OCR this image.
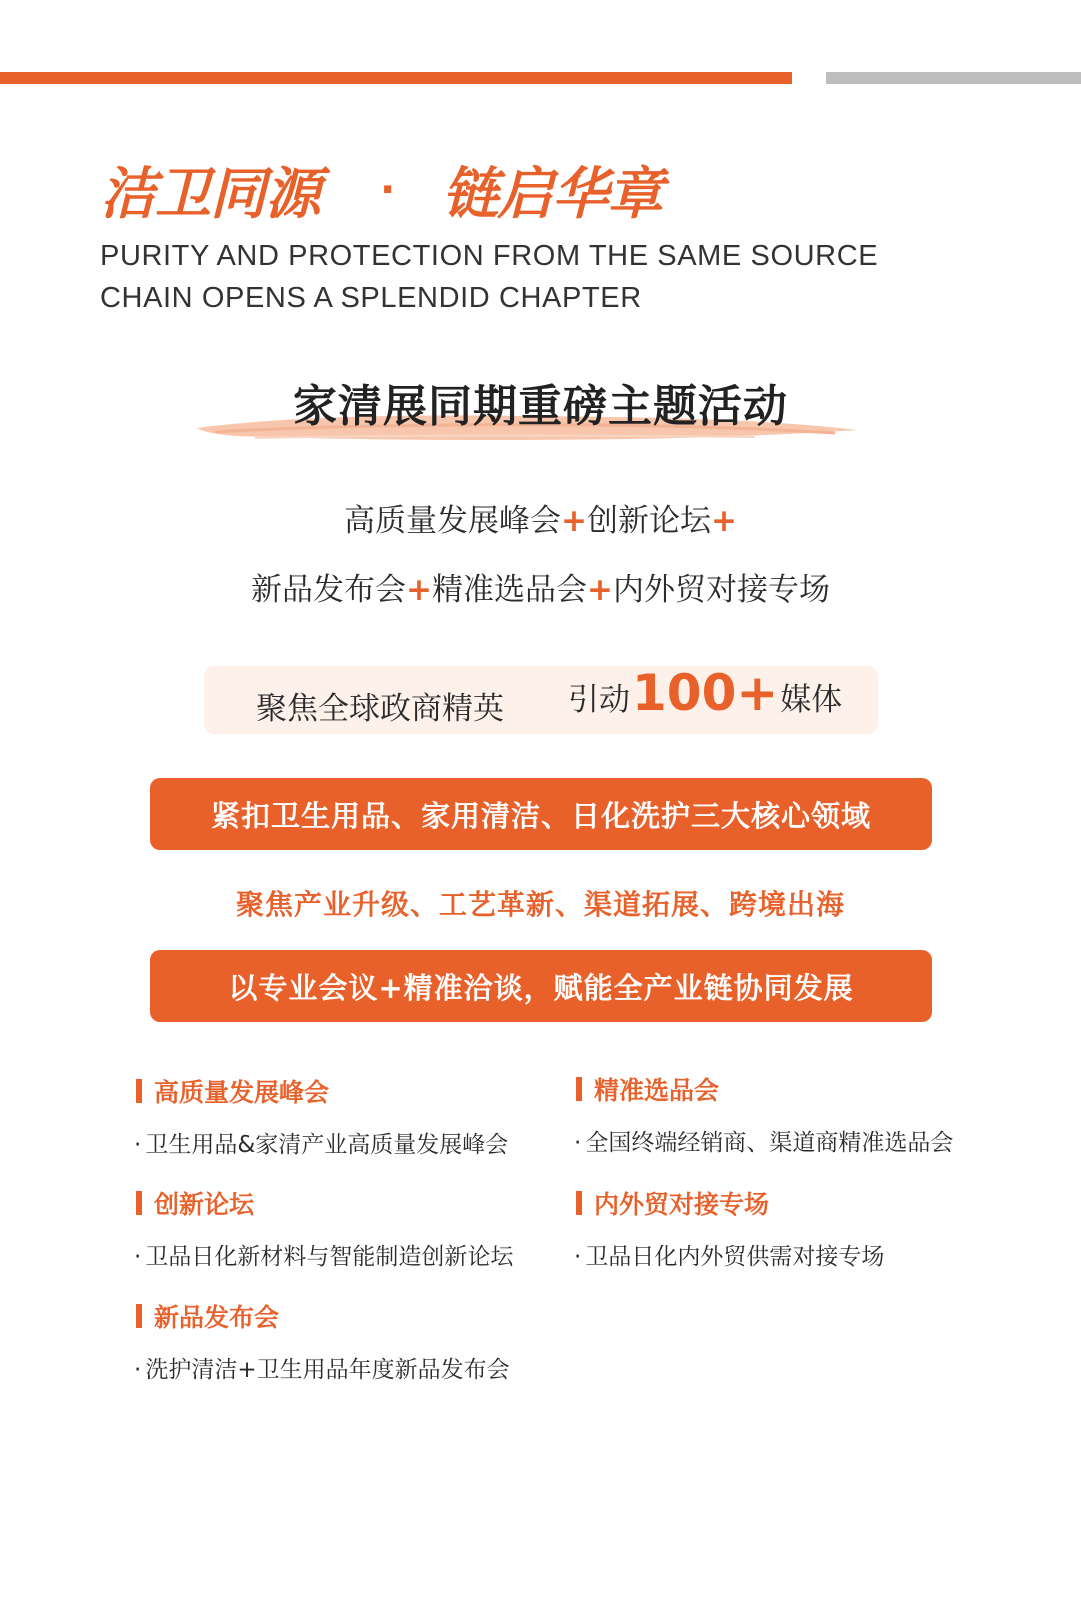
洁卫同源 · 链启华章
PURITY AND PROTECTION FROM THE SAME SOURCE
CHAIN OPENS A SPLENDID CHAPTER
家清展同期重磅主题活动
高质量发展峰会+创新论坛+
新品发布会+精准选品会+内外贸对接专场
聚焦全球政商精英 引动 100+ 媒体
紧扣卫生用品、家用清洁、日化洗护三大核心领域
聚焦产业升级、工艺革新、渠道拓展、跨境出海
以专业会议+精准洽谈，赋能全产业链协同发展
高质量发展峰会
· 卫生用品&家清产业高质量发展峰会
精准选品会
· 全国终端经销商、渠道商精准选品会
创新论坛
· 卫品日化新材料与智能制造创新论坛
内外贸对接专场
· 卫品日化内外贸供需对接专场
新品发布会
· 洗护清洁+卫生用品年度新品发布会
